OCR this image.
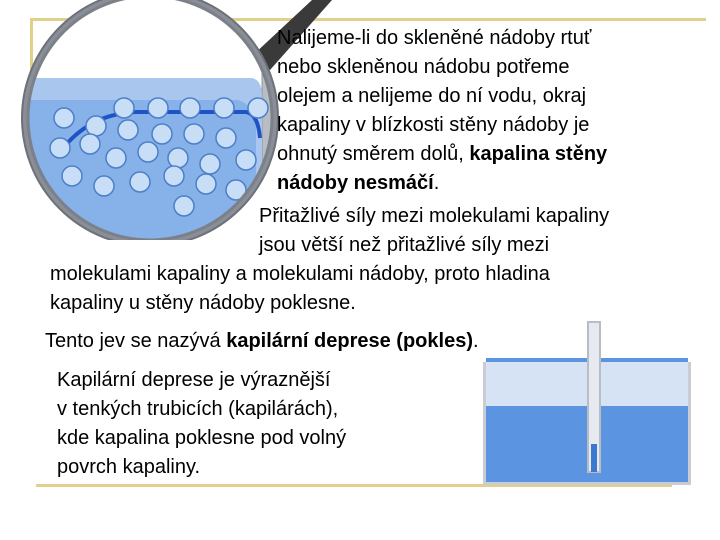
Nalijeme-li do skleněné nádoby rtuť
nebo skleněnou nádobu potřeme
olejem a nelijeme do ní vodu, okraj
kapaliny v blízkosti stěny nádoby je
ohnutý směrem dolů, kapalina stěny
nádoby nesmáčí.
Přitažlivé síly mezi molekulami kapaliny
jsou větší než přitažlivé síly mezi
molekulami kapaliny a molekulami nádoby, proto hladina
kapaliny u stěny nádoby poklesne.
Tento jev se nazývá kapilární deprese (pokles).
Kapilární deprese je výraznější
v tenkých trubicích (kapilárách),
kde kapalina poklesne pod volný
povrch kapaliny.
